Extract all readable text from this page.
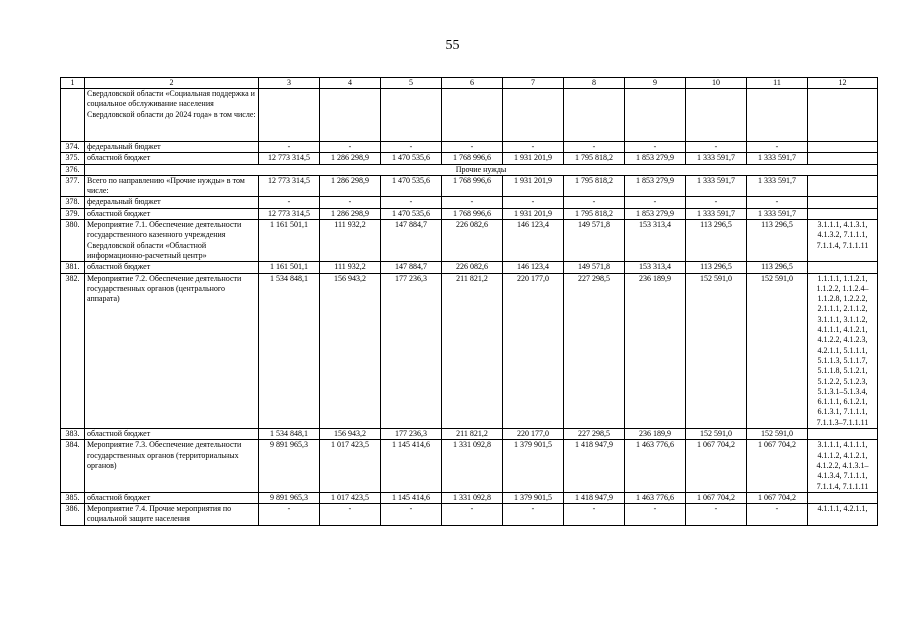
55
1	2	3	4	5	6	7	8	9	10	11	12
	Свердловской области «Социальная поддержка и социальное обслуживание населения Свердловской области до 2024 года» в том числе:										
374.	федеральный бюджет	-	-	-	-	-	-	-	-	-	
375.	областной бюджет	12 773 314,5	1 286 298,9	1 470 535,6	1 768 996,6	1 931 201,9	1 795 818,2	1 853 279,9	1 333 591,7	1 333 591,7	
376.	Прочие нужды										
377.	Всего по направлению «Прочие нужды» в том числе:	12 773 314,5	1 286 298,9	1 470 535,6	1 768 996,6	1 931 201,9	1 795 818,2	1 853 279,9	1 333 591,7	1 333 591,7	
378.	федеральный бюджет	-	-	-	-	-	-	-	-	-	
379.	областной бюджет	12 773 314,5	1 286 298,9	1 470 535,6	1 768 996,6	1 931 201,9	1 795 818,2	1 853 279,9	1 333 591,7	1 333 591,7	
380.	Мероприятие 7.1. Обеспечение деятельности государственного казенного учреждения Свердловской области «Областной информационно-расчетный центр»	1 161 501,1	111 932,2	147 884,7	226 082,6	146 123,4	149 571,8	153 313,4	113 296,5	113 296,5	3.1.1.1, 4.1.3.1, 4.1.3.2, 7.1.1.1, 7.1.1.4, 7.1.1.11
381.	областной бюджет	1 161 501,1	111 932,2	147 884,7	226 082,6	146 123,4	149 571,8	153 313,4	113 296,5	113 296,5	
382.	Мероприятие 7.2. Обеспечение деятельности государственных органов (центрального аппарата)	1 534 848,1	156 943,2	177 236,3	211 821,2	220 177,0	227 298,5	236 189,9	152 591,0	152 591,0	1.1.1.1, 1.1.2.1, 1.1.2.2, 1.1.2.4–1.1.2.8, 1.2.2.2, 2.1.1.1, 2.1.1.2, 3.1.1.1, 3.1.1.2, 4.1.1.1, 4.1.2.1, 4.1.2.2, 4.1.2.3, 4.2.1.1, 5.1.1.1, 5.1.1.3, 5.1.1.7, 5.1.1.8, 5.1.2.1, 5.1.2.2, 5.1.2.3, 5.1.3.1–5.1.3.4, 6.1.1.1, 6.1.2.1, 6.1.3.1, 7.1.1.1, 7.1.1.3–7.1.1.11
383.	областной бюджет	1 534 848,1	156 943,2	177 236,3	211 821,2	220 177,0	227 298,5	236 189,9	152 591,0	152 591,0	
384.	Мероприятие 7.3. Обеспечение деятельности государственных органов (территориальных органов)	9 891 965,3	1 017 423,5	1 145 414,6	1 331 092,8	1 379 901,5	1 418 947,9	1 463 776,6	1 067 704,2	1 067 704,2	3.1.1.1, 4.1.1.1, 4.1.1.2, 4.1.2.1, 4.1.2.2, 4.1.3.1–4.1.3.4, 7.1.1.1, 7.1.1.4, 7.1.1.11
385.	областной бюджет	9 891 965,3	1 017 423,5	1 145 414,6	1 331 092,8	1 379 901,5	1 418 947,9	1 463 776,6	1 067 704,2	1 067 704,2	
386.	Мероприятие 7.4. Прочие мероприятия по социальной защите населения	-	-	-	-	-	-	-	-	-	4.1.1.1, 4.2.1.1,
